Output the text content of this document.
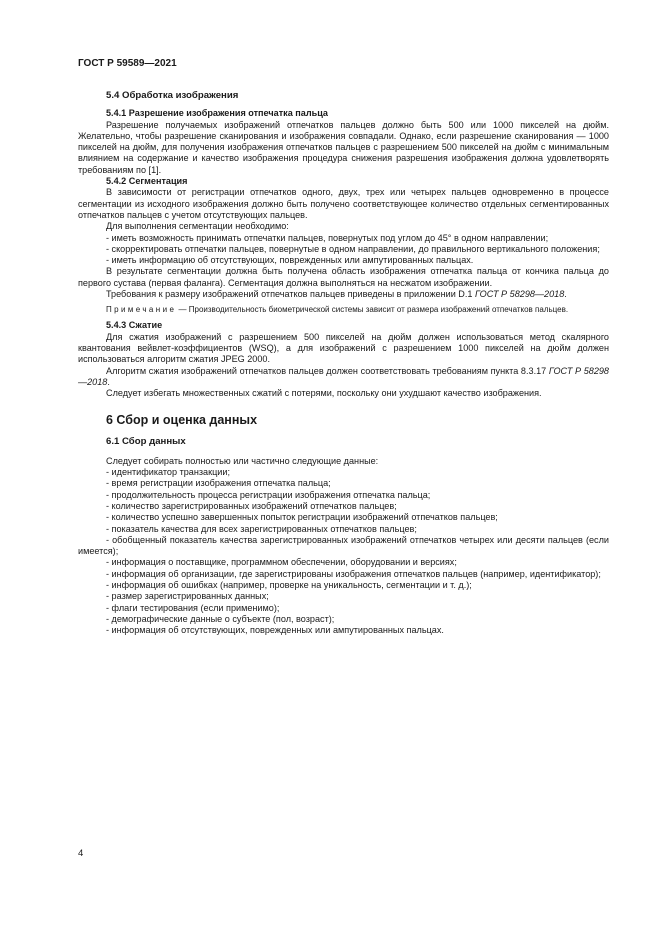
ГОСТ Р 59589—2021
5.4 Обработка изображения
5.4.1 Разрешение изображения отпечатка пальца

Разрешение получаемых изображений отпечатков пальцев должно быть 500 или 1000 пикселей на дюйм. Желательно, чтобы разрешение сканирования и изображения совпадали. Однако, если разрешение сканирования — 1000 пикселей на дюйм, для получения изображения отпечатков пальцев с разрешением 500 пикселей на дюйм с минимальным влиянием на содержание и качество изображения процедура снижения разрешения изображения должна удовлетворять требованиям по [1].

5.4.2 Сегментация

В зависимости от регистрации отпечатков одного, двух, трех или четырех пальцев одновременно в процессе сегментации из исходного изображения должно быть получено соответствующее количество отдельных сегментированных отпечатков пальцев с учетом отсутствующих пальцев.

Для выполнения сегментации необходимо:

- иметь возможность принимать отпечатки пальцев, повернутых под углом до 45° в одном направлении;

- скорректировать отпечатки пальцев, повернутые в одном направлении, до правильного вертикального положения;

- иметь информацию об отсутствующих, поврежденных или ампутированных пальцах.

В результате сегментации должна быть получена область изображения отпечатка пальца от кончика пальца до первого сустава (первая фаланга). Сегментация должна выполняться на несжатом изображении.

Требования к размеру изображений отпечатков пальцев приведены в приложении D.1 ГОСТ Р 58298—2018.

Примечание — Производительность биометрической системы зависит от размера изображений отпечатков пальцев.

5.4.3 Сжатие

Для сжатия изображений с разрешением 500 пикселей на дюйм должен использоваться метод скалярного квантования вейвлет-коэффициентов (WSQ), а для изображений с разрешением 1000 пикселей на дюйм должен использоваться алгоритм сжатия JPEG 2000.

Алгоритм сжатия изображений отпечатков пальцев должен соответствовать требованиям пункта 8.3.17 ГОСТ Р 58298—2018.

Следует избегать множественных сжатий с потерями, поскольку они ухудшают качество изображения.

6 Сбор и оценка данных
6.1 Сбор данных

Следует собирать полностью или частично следующие данные:

- идентификатор транзакции;

- время регистрации изображения отпечатка пальца;

- продолжительность процесса регистрации изображения отпечатка пальца;

- количество зарегистрированных изображений отпечатков пальцев;

- количество успешно завершенных попыток регистрации изображений отпечатков пальцев;

- показатель качества для всех зарегистрированных отпечатков пальцев;

- обобщенный показатель качества зарегистрированных изображений отпечатков четырех или десяти пальцев (если имеется);

- информация о поставщике, программном обеспечении, оборудовании и версиях;

- информация об организации, где зарегистрированы изображения отпечатков пальцев (например, идентификатор);

- информация об ошибках (например, проверке на уникальность, сегментации и т. д.);

- размер зарегистрированных данных;

- флаги тестирования (если применимо);

- демографические данные о субъекте (пол, возраст);

- информация об отсутствующих, поврежденных или ампутированных пальцах.

4
